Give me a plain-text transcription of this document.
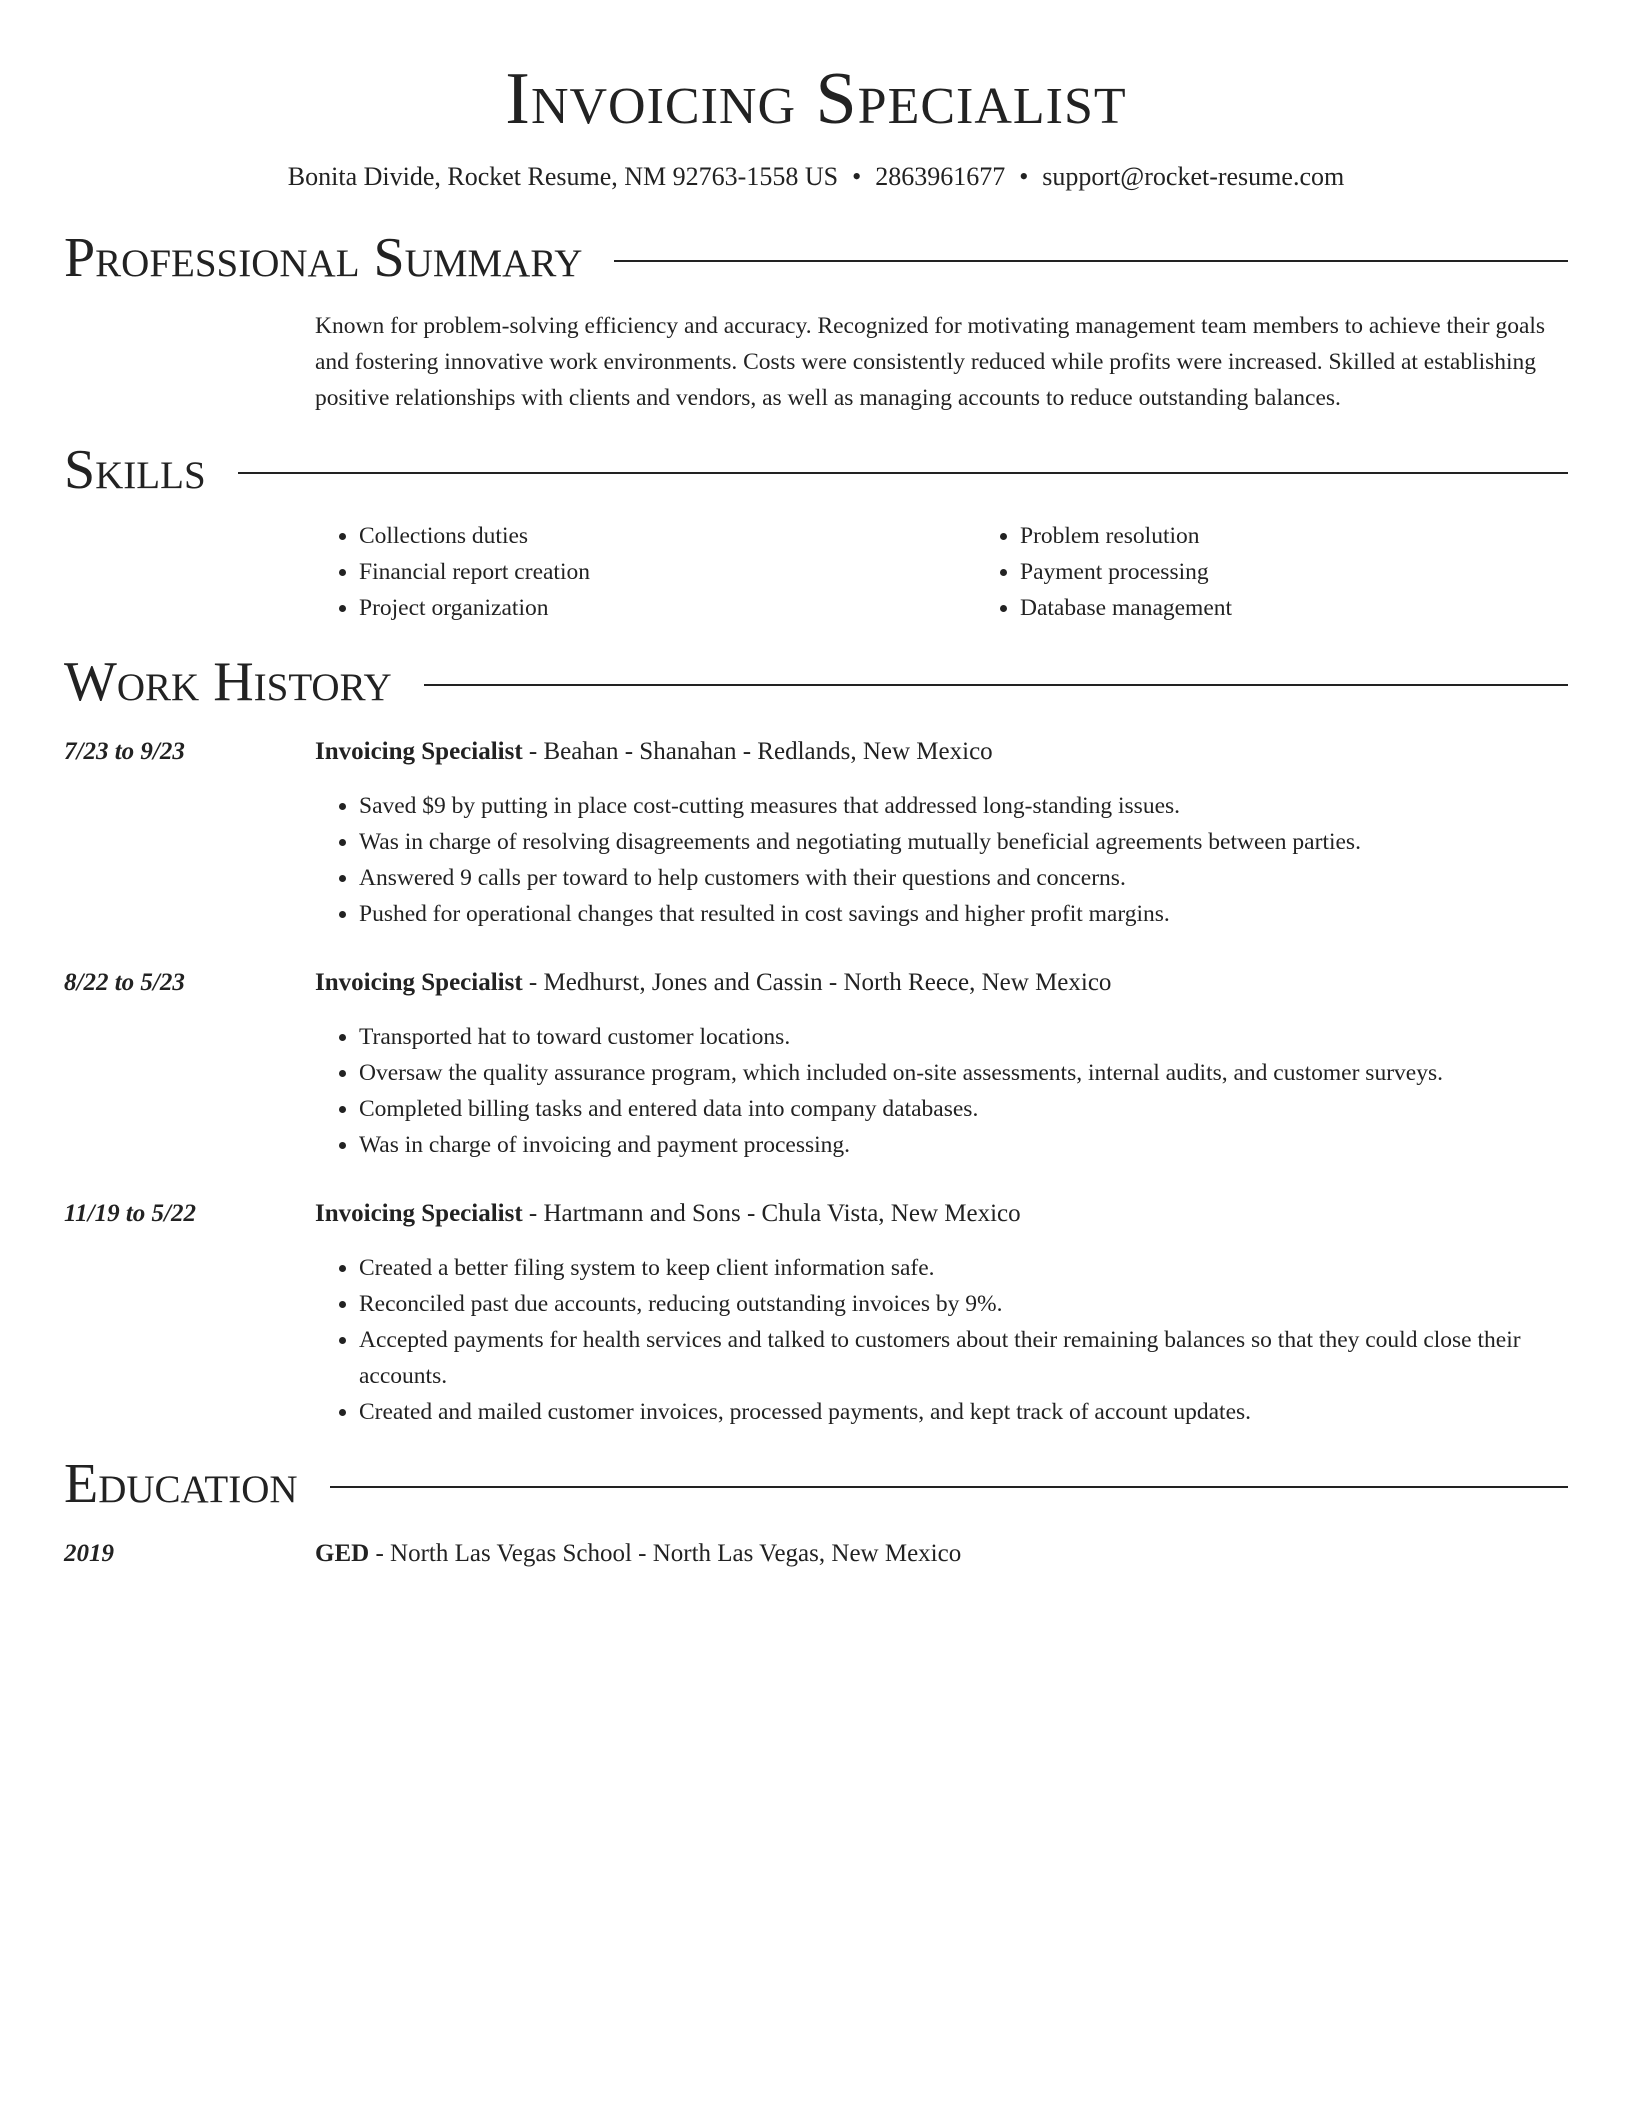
Invoicing Specialist
Bonita Divide, Rocket Resume, NM 92763-1558 US • 2863961677 • support@rocket-resume.com
Professional Summary

Known for problem-solving efficiency and accuracy. Recognized for motivating management team members to achieve their goals and fostering innovative work environments. Costs were consistently reduced while profits were increased. Skilled at establishing positive relationships with clients and vendors, as well as managing accounts to reduce outstanding balances.

Skills
• Collections duties
• Financial report creation
• Project organization
• Problem resolution
• Payment processing
• Database management
Work History
7/23 to 9/23	Invoicing Specialist - Beahan - Shanahan - Redlands, New Mexico
• Saved $9 by putting in place cost-cutting measures that addressed long-standing issues.
• Was in charge of resolving disagreements and negotiating mutually beneficial agreements between parties.
• Answered 9 calls per toward to help customers with their questions and concerns.
• Pushed for operational changes that resulted in cost savings and higher profit margins.
8/22 to 5/23	Invoicing Specialist - Medhurst, Jones and Cassin - North Reece, New Mexico
• Transported hat to toward customer locations.
• Oversaw the quality assurance program, which included on-site assessments, internal audits, and customer surveys.
• Completed billing tasks and entered data into company databases.
• Was in charge of invoicing and payment processing.
11/19 to 5/22	Invoicing Specialist - Hartmann and Sons - Chula Vista, New Mexico
• Created a better filing system to keep client information safe.
• Reconciled past due accounts, reducing outstanding invoices by 9%.
• Accepted payments for health services and talked to customers about their remaining balances so that they could close their accounts.
• Created and mailed customer invoices, processed payments, and kept track of account updates.
Education
2019	GED - North Las Vegas School - North Las Vegas, New Mexico
